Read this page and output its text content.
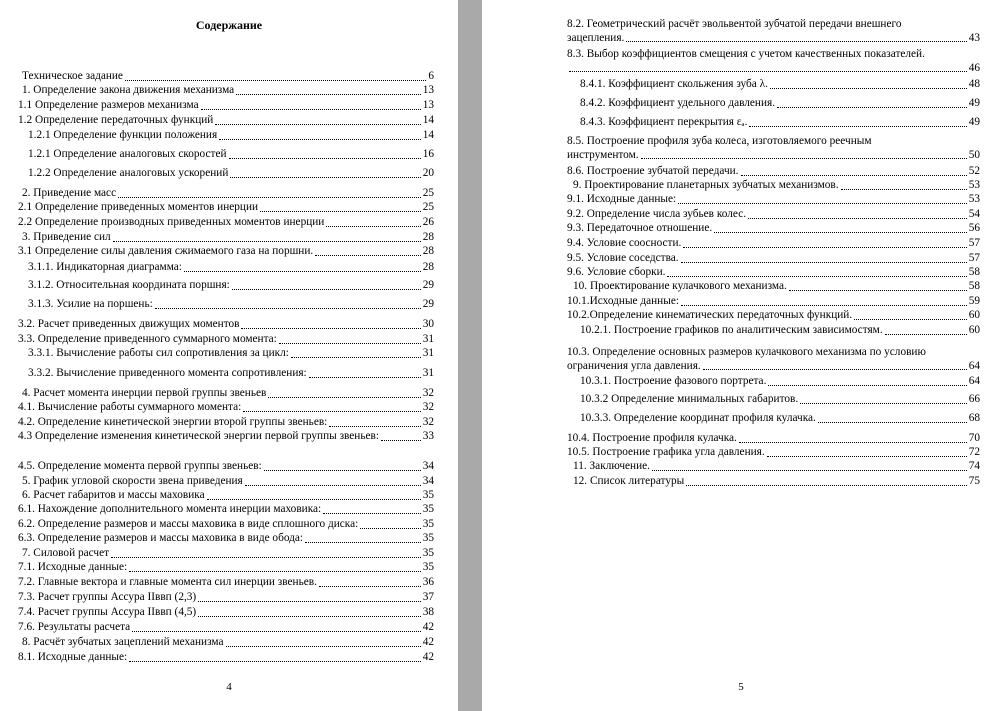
Содержание
Техническое задание	6
1. Определение закона движения механизма	13
1.1 Определение размеров механизма	13
1.2 Определение передаточных функций	14
1.2.1 Определение функции положения	14
1.2.1 Определение аналоговых скоростей	16
1.2.2 Определение аналоговых ускорений	20
2. Приведение масс	25
2.1 Определение приведенных моментов инерции	25
2.2 Определение производных приведенных моментов инерции	26
3. Приведение сил	28
3.1 Определение силы давления сжимаемого газа на поршни.	28
3.1.1. Индикаторная диаграмма:	28
3.1.2. Относительная координата поршня:	29
3.1.3. Усилие на поршень:	29
3.2. Расчет приведенных движущих моментов	30
3.3. Определение приведенного суммарного момента:	31
3.3.1. Вычисление работы сил сопротивления за цикл:	31
3.3.2. Вычисление приведенного момента сопротивления:	31
4. Расчет момента инерции первой группы звеньев	32
4.1. Вычисление работы суммарного момента:	32
4.2. Определение кинетической энергии второй группы звеньев:	32
4.3 Определение изменения кинетической энергии первой группы звеньев:	33
4.5. Определение момента первой группы звеньев:	34
5. График угловой скорости звена приведения	34
6. Расчет габаритов и массы маховика	35
6.1. Нахождение дополнительного момента инерции маховика:	35
6.2. Определение размеров и массы маховика в виде сплошного диска:	35
6.3. Определение размеров и массы маховика в виде обода:	35
7. Силовой расчет	35
7.1. Исходные данные:	35
7.2. Главные вектора и главные момента сил инерции звеньев.	36
7.3. Расчет группы Ассура IIввп (2,3)	37
7.4. Расчет группы Ассура IIввп (4,5)	38
7.6. Результаты расчета	42
8. Расчёт зубчатых зацеплений механизма	42
8.1. Исходные данные:	42
4
8.2. Геометрический расчёт эвольвентой зубчатой передачи внешнего
зацепления.	43
8.3. Выбор коэффициентов смещения с учетом качественных показателей.
46
8.4.1. Коэффициент скольжения зуба λ.	48
8.4.2. Коэффициент удельного давления.	49
8.4.3. Коэффициент перекрытия εₐ.	49
8.5. Построение профиля зуба колеса, изготовляемого реечным
инструментом.	50
8.6. Построение зубчатой передачи.	52
9. Проектирование планетарных зубчатых механизмов.	53
9.1. Исходные данные:	53
9.2. Определение числа зубьев колес.	54
9.3. Передаточное отношение.	56
9.4. Условие соосности.	57
9.5. Условие соседства.	57
9.6. Условие сборки.	58
10. Проектирование кулачкового механизма.	58
10.1.Исходные данные:	59
10.2.Определение кинематических передаточных функций.	60
10.2.1. Построение графиков по аналитическим зависимостям.	60
10.3. Определение основных размеров кулачкового механизма по условию
ограничения угла давления.	64
10.3.1. Построение фазового портрета.	64
10.3.2 Определение минимальных габаритов.	66
10.3.3. Определение координат профиля кулачка.	68
10.4. Построение профиля кулачка.	70
10.5. Построение графика угла давления.	72
11. Заключение.	74
12. Список литературы	75
5
